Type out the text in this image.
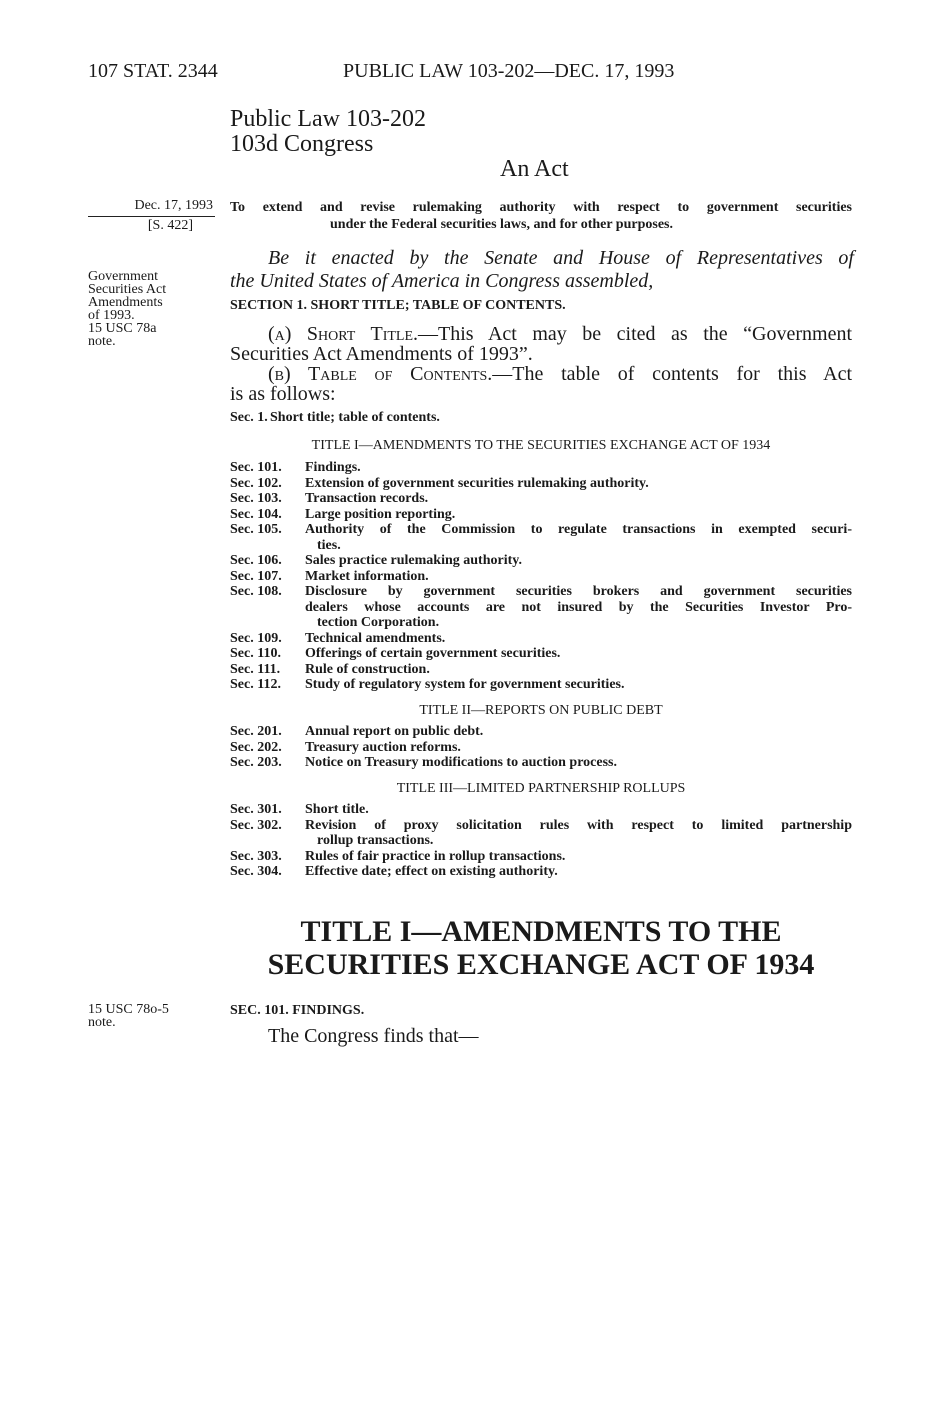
107 STAT. 2344	PUBLIC LAW 103-202—DEC. 17, 1993
Public Law 103-202
103d Congress
An Act
Dec. 17, 1993
[S. 422]
To extend and revise rulemaking authority with respect to government securities
under the Federal securities laws, and for other purposes.
Government
Securities Act
Amendments
of 1993.
15 USC 78a
note.
Be it enacted by the Senate and House of Representatives of
the United States of America in Congress assembled,
SECTION 1. SHORT TITLE; TABLE OF CONTENTS.
(a) Short Title.—This Act may be cited as the “Government
Securities Act Amendments of 1993”.
(b) Table of Contents.—The table of contents for this Act
is as follows:
Sec. 1. Short title; table of contents.
TITLE I—AMENDMENTS TO THE SECURITIES EXCHANGE ACT OF 1934
Sec. 101.	Findings.
Sec. 102.	Extension of government securities rulemaking authority.
Sec. 103.	Transaction records.
Sec. 104.	Large position reporting.
Sec. 105.	Authority of the Commission to regulate transactions in exempted securi-
ties.
Sec. 106.	Sales practice rulemaking authority.
Sec. 107.	Market information.
Sec. 108.	Disclosure by government securities brokers and government securities
dealers whose accounts are not insured by the Securities Investor Pro-
tection Corporation.
Sec. 109.	Technical amendments.
Sec. 110.	Offerings of certain government securities.
Sec. 111.	Rule of construction.
Sec. 112.	Study of regulatory system for government securities.
TITLE II—REPORTS ON PUBLIC DEBT
Sec. 201.	Annual report on public debt.
Sec. 202.	Treasury auction reforms.
Sec. 203.	Notice on Treasury modifications to auction process.
TITLE III—LIMITED PARTNERSHIP ROLLUPS
Sec. 301.	Short title.
Sec. 302.	Revision of proxy solicitation rules with respect to limited partnership
rollup transactions.
Sec. 303.	Rules of fair practice in rollup transactions.
Sec. 304.	Effective date; effect on existing authority.
TITLE I—AMENDMENTS TO THE
SECURITIES EXCHANGE ACT OF 1934
15 USC 78o-5
note.
SEC. 101. FINDINGS.
The Congress finds that—
